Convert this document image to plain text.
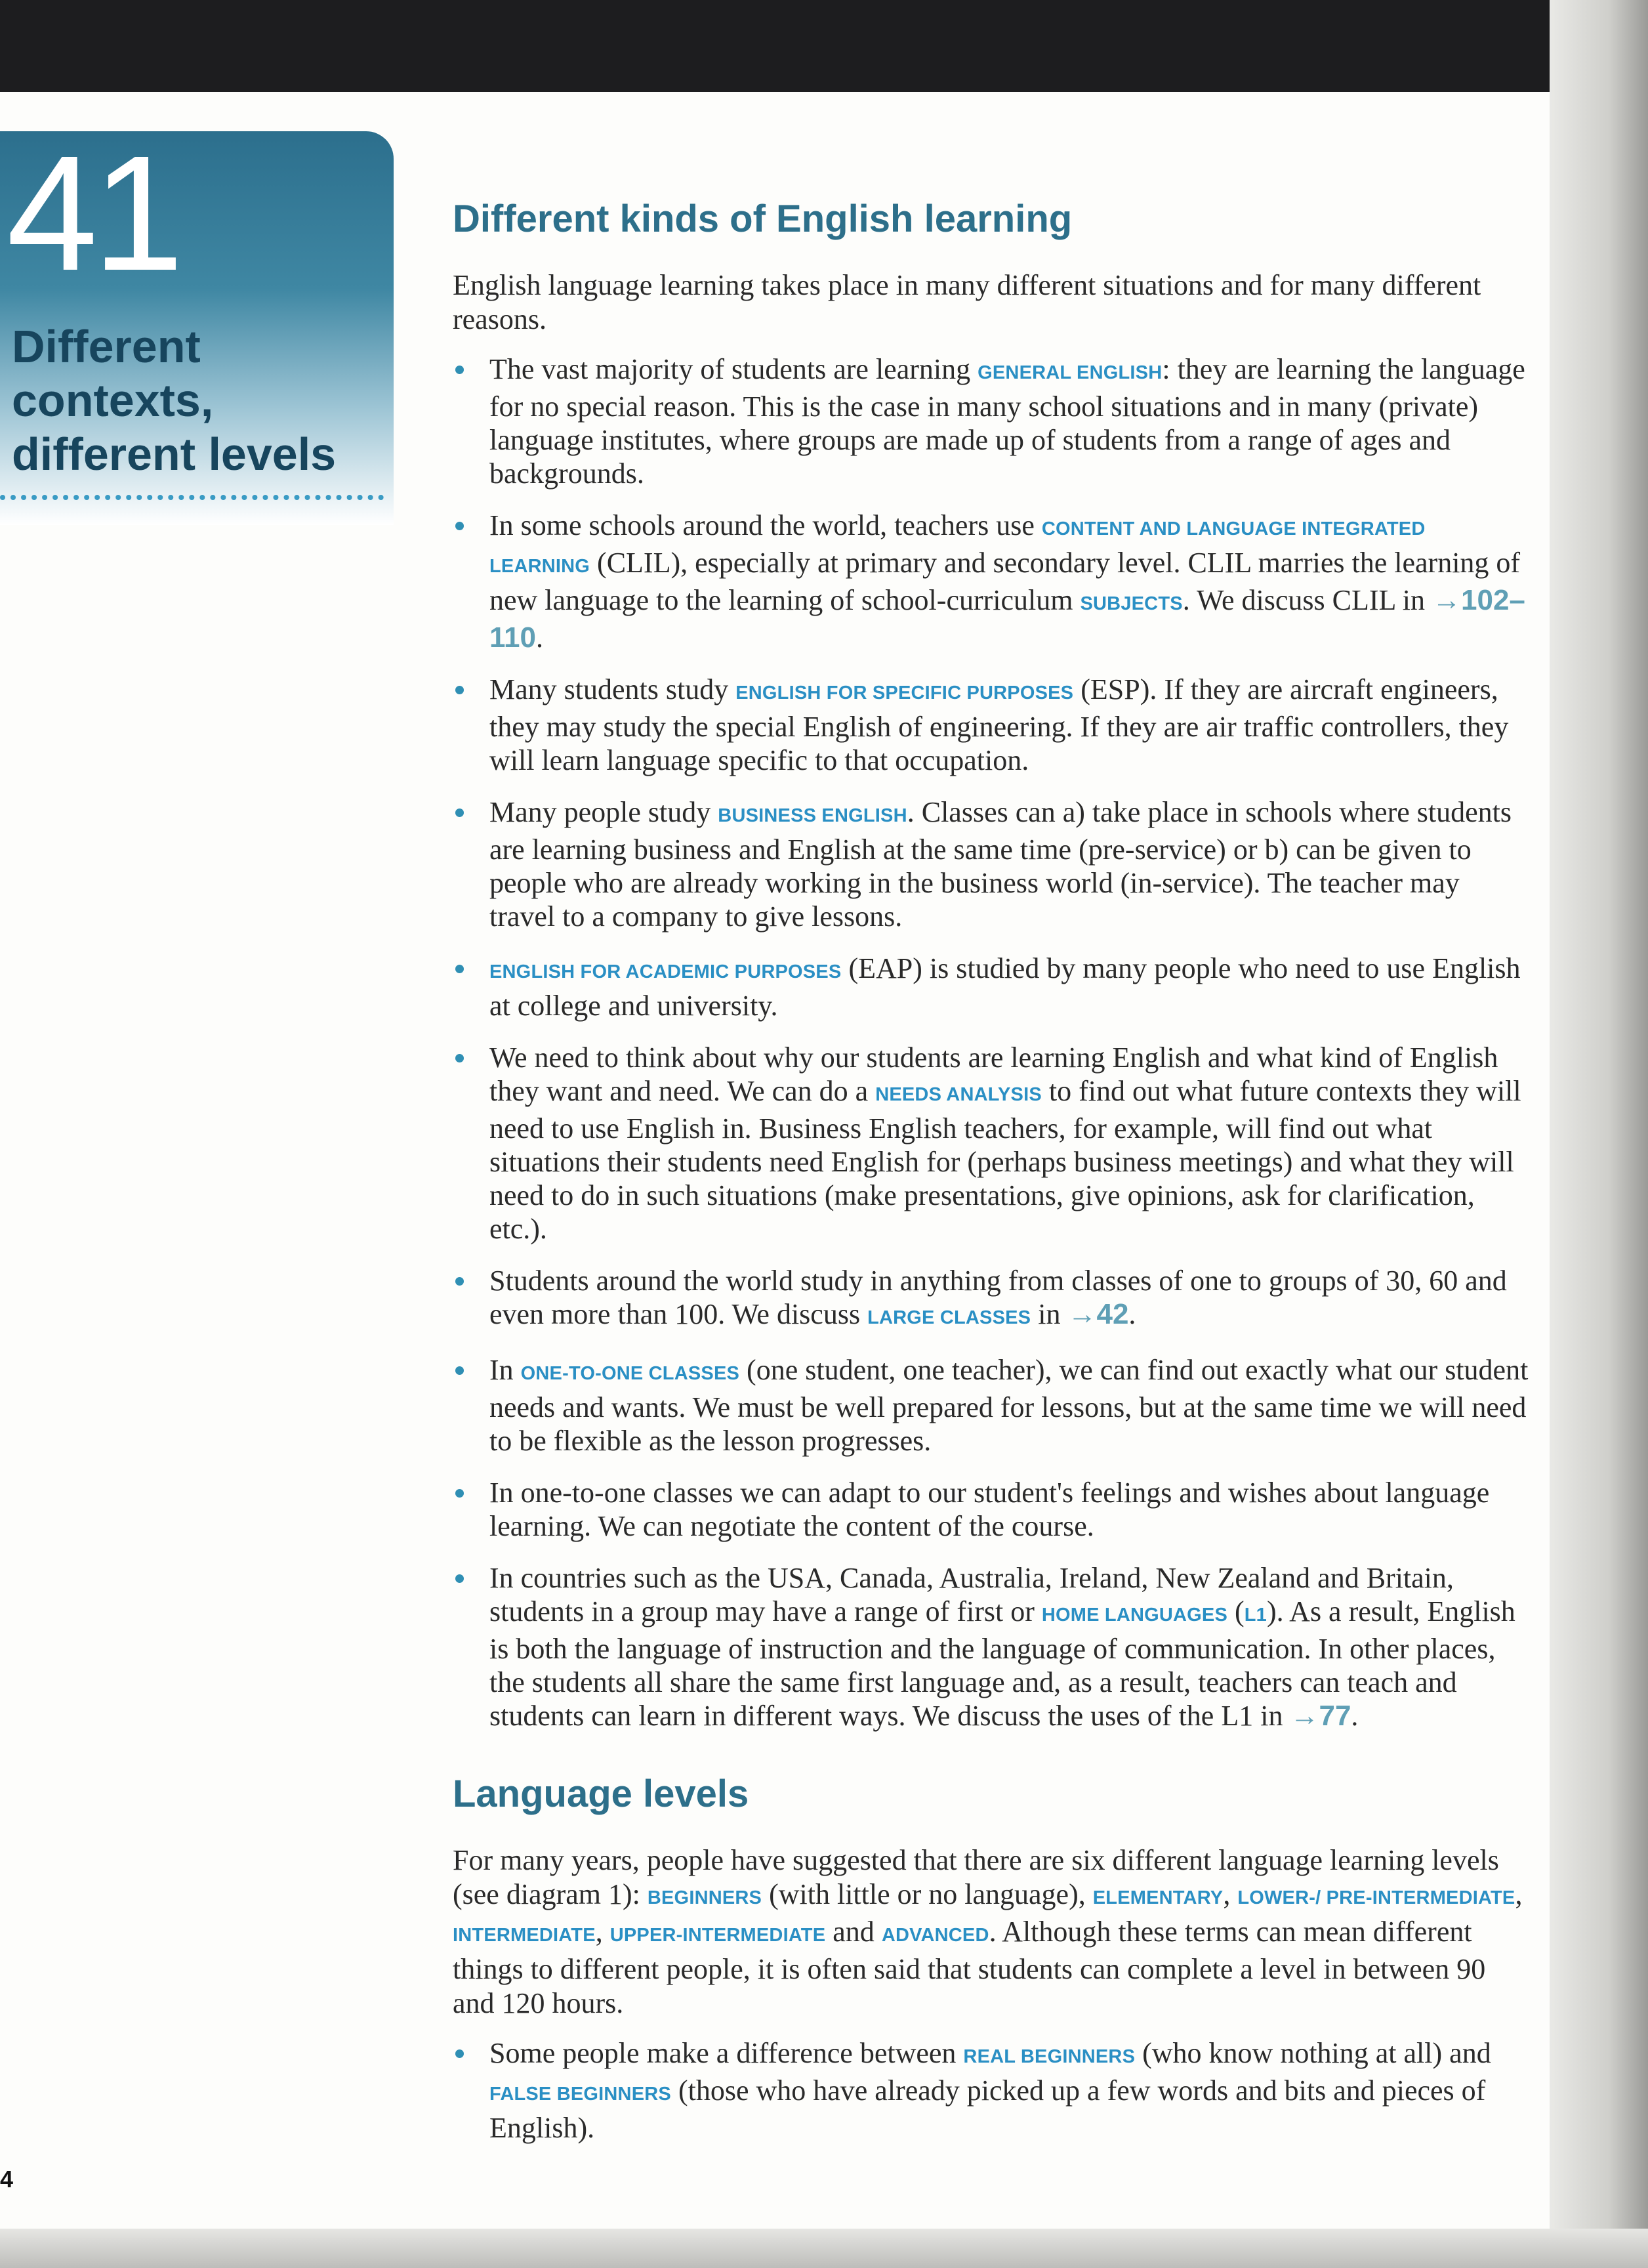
41
Different contexts, different levels
Different kinds of English learning

English language learning takes place in many different situations and for many different reasons.

The vast majority of students are learning GENERAL ENGLISH: they are learning the language for no special reason. This is the case in many school situations and in many (private) language institutes, where groups are made up of students from a range of ages and backgrounds.
In some schools around the world, teachers use CONTENT AND LANGUAGE INTEGRATED LEARNING (CLIL), especially at primary and secondary level. CLIL marries the learning of new language to the learning of school-curriculum SUBJECTS. We discuss CLIL in →102–110.
Many students study ENGLISH FOR SPECIFIC PURPOSES (ESP). If they are aircraft engineers, they may study the special English of engineering. If they are air traffic controllers, they will learn language specific to that occupation.
Many people study BUSINESS ENGLISH. Classes can a) take place in schools where students are learning business and English at the same time (pre-service) or b) can be given to people who are already working in the business world (in-service). The teacher may travel to a company to give lessons.
ENGLISH FOR ACADEMIC PURPOSES (EAP) is studied by many people who need to use English at college and university.
We need to think about why our students are learning English and what kind of English they want and need. We can do a NEEDS ANALYSIS to find out what future contexts they will need to use English in. Business English teachers, for example, will find out what situations their students need English for (perhaps business meetings) and what they will need to do in such situations (make presentations, give opinions, ask for clarification, etc.).
Students around the world study in anything from classes of one to groups of 30, 60 and even more than 100. We discuss LARGE CLASSES in →42.
In ONE-TO-ONE CLASSES (one student, one teacher), we can find out exactly what our student needs and wants. We must be well prepared for lessons, but at the same time we will need to be flexible as the lesson progresses.
In one-to-one classes we can adapt to our student's feelings and wishes about language learning. We can negotiate the content of the course.
In countries such as the USA, Canada, Australia, Ireland, New Zealand and Britain, students in a group may have a range of first or HOME LANGUAGES (L1). As a result, English is both the language of instruction and the language of communication. In other places, the students all share the same first language and, as a result, teachers can teach and students can learn in different ways. We discuss the uses of the L1 in →77.
Language levels

For many years, people have suggested that there are six different language learning levels (see diagram 1): BEGINNERS (with little or no language), ELEMENTARY, LOWER-/ PRE-INTERMEDIATE, INTERMEDIATE, UPPER-INTERMEDIATE and ADVANCED. Although these terms can mean different things to different people, it is often said that students can complete a level in between 90 and 120 hours.

Some people make a difference between REAL BEGINNERS (who know nothing at all) and FALSE BEGINNERS (those who have already picked up a few words and bits and pieces of English).
4
